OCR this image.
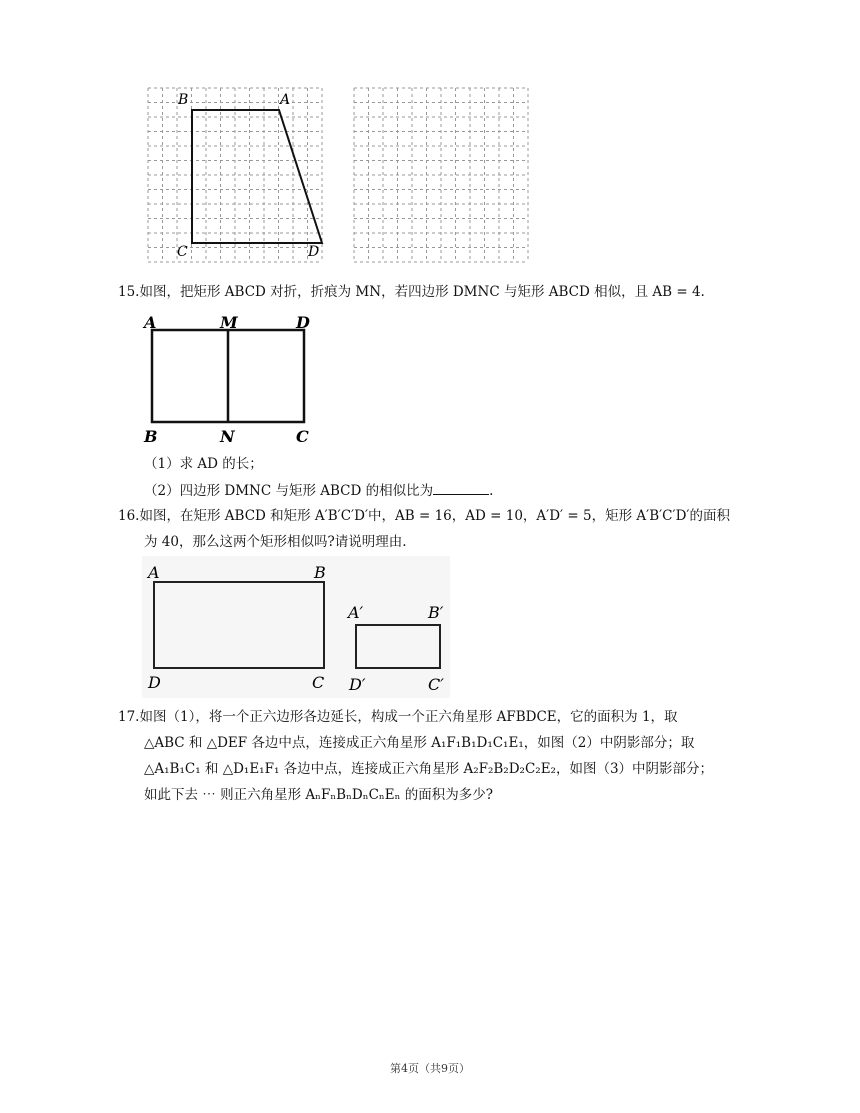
B	A
C	D
15.如图，把矩形 ABCD 对折，折痕为 MN，若四边形 DMNC 与矩形 ABCD 相似，且 AB = 4.
A	M	D
B	N	C
（1）求 AD 的长；
（2）四边形 DMNC 与矩形 ABCD 的相似比为	.
16.如图，在矩形 ABCD 和矩形 A′B′C′D′中，AB = 16，AD = 10，A′D′ = 5，矩形 A′B′C′D′的面积
为 40，那么这两个矩形相似吗?请说明理由.
A	B
D	C
A′	B′
D′	C′
17.如图（1），将一个正六边形各边延长，构成一个正六角星形 AFBDCE，它的面积为 1，取
△ABC 和 △DEF 各边中点，连接成正六角星形 A₁F₁B₁D₁C₁E₁，如图（2）中阴影部分；取
△A₁B₁C₁ 和 △D₁E₁F₁ 各边中点，连接成正六角星形 A₂F₂B₂D₂C₂E₂，如图（3）中阴影部分；
如此下去 ⋯ 则正六角星形 AₙFₙBₙDₙCₙEₙ 的面积为多少?
第4页（共9页）
